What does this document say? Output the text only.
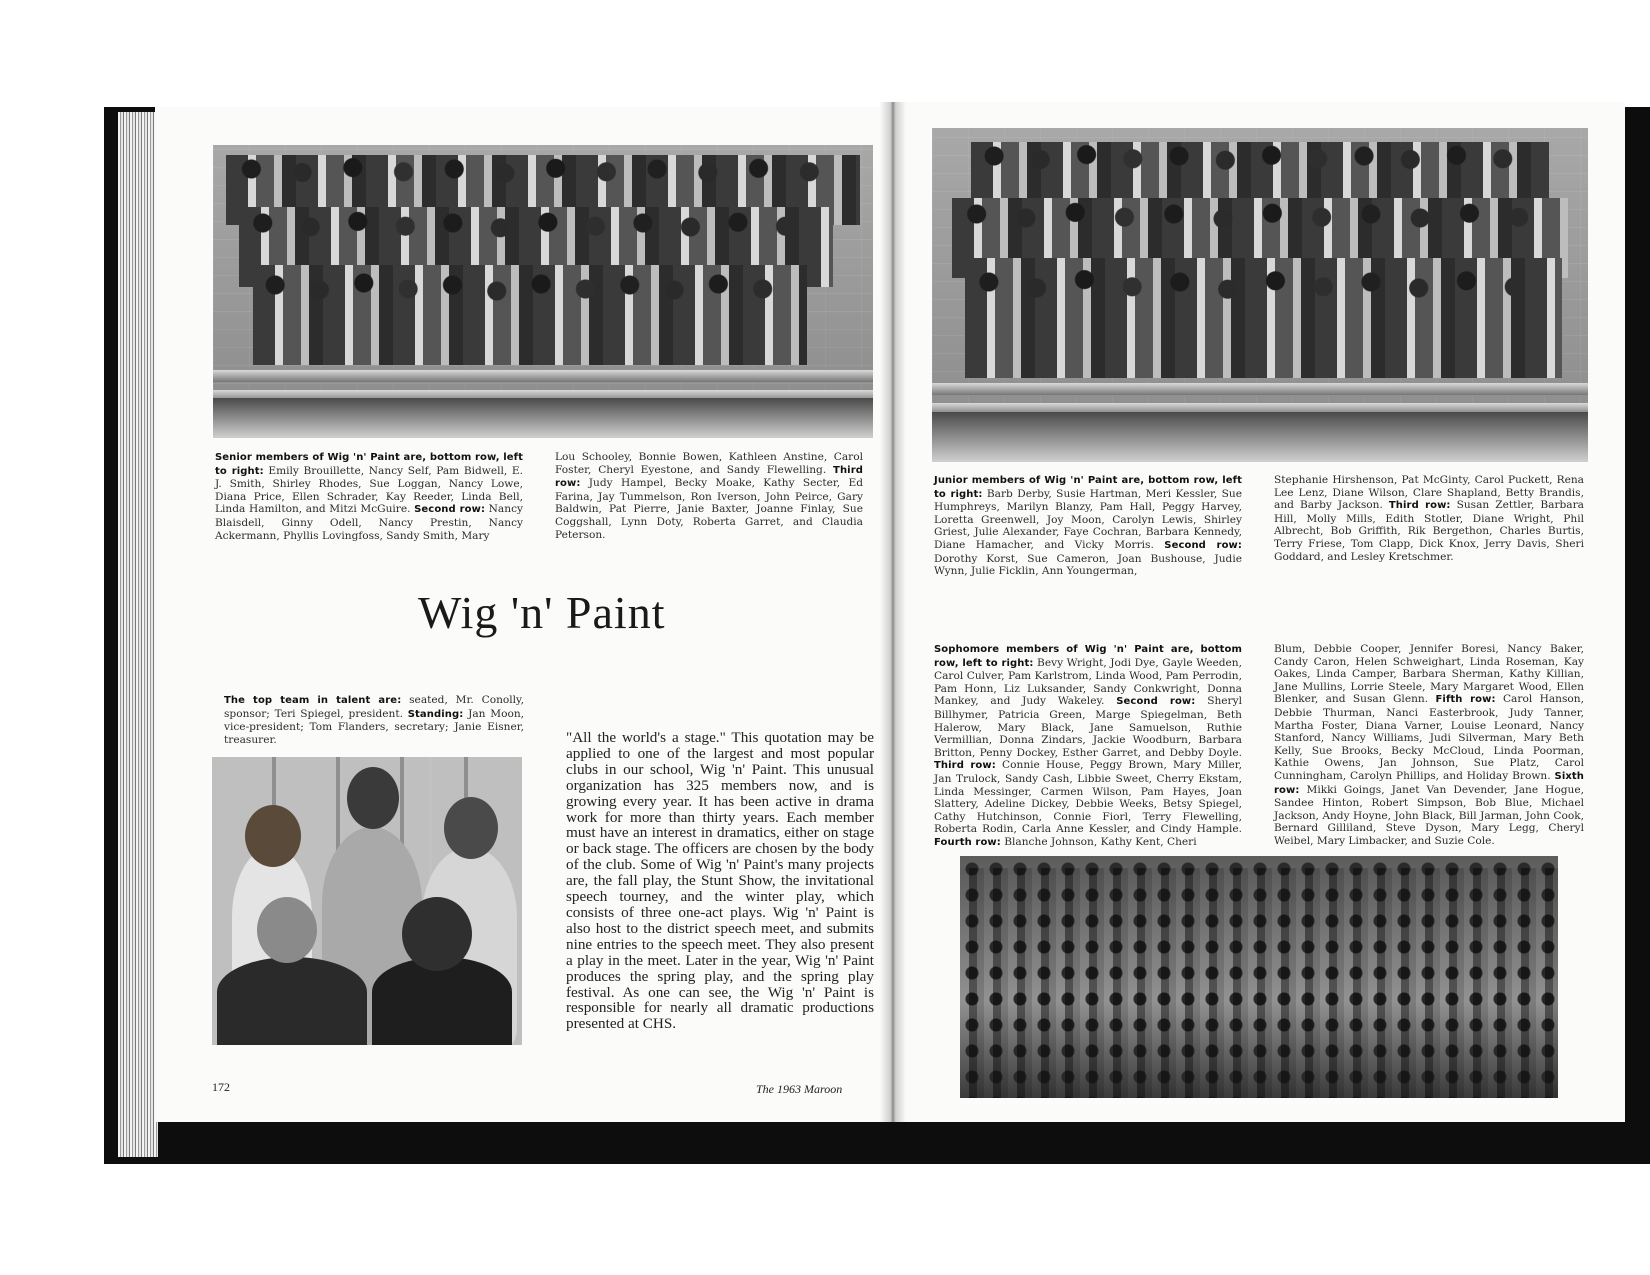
Senior members of Wig 'n' Paint are, bottom row, left to right: Emily Brouillette, Nancy Self, Pam Bidwell, E. J. Smith, Shirley Rhodes, Sue Loggan, Nancy Lowe, Diana Price, Ellen Schrader, Kay Reeder, Linda Bell, Linda Hamilton, and Mitzi McGuire. Second row: Nancy Blaisdell, Ginny Odell, Nancy Prestin, Nancy Ackermann, Phyllis Lovingfoss, Sandy Smith, Mary
Lou Schooley, Bonnie Bowen, Kathleen Anstine, Carol Foster, Cheryl Eyestone, and Sandy Flewelling. Third row: Judy Hampel, Becky Moake, Kathy Secter, Ed Farina, Jay Tummelson, Ron Iverson, John Peirce, Gary Baldwin, Pat Pierre, Janie Baxter, Joanne Finlay, Sue Coggshall, Lynn Doty, Roberta Garret, and Claudia Peterson.
Wig 'n' Paint
The top team in talent are: seated, Mr. Conolly, sponsor; Teri Spiegel, president. Standing: Jan Moon, vice-president; Tom Flanders, secretary; Janie Eisner, treasurer.	"All the world's a stage." This quotation may be applied to one of the largest and most popular clubs in our school, Wig 'n' Paint. This unusual organization has 325 members now, and is growing every year. It has been active in drama work for more than thirty years. Each member must have an interest in dramatics, either on stage or back stage. The officers are chosen by the body of the club. Some of Wig 'n' Paint's many projects are, the fall play, the Stunt Show, the invitational speech tourney, and the winter play, which consists of three one-act plays. Wig 'n' Paint is also host to the district speech meet, and submits nine entries to the speech meet. They also present a play in the meet. Later in the year, Wig 'n' Paint produces the spring play, and the spring play festival. As one can see, the Wig 'n' Paint is responsible for nearly all dramatic productions presented at CHS.
172	The 1963 Maroon
Junior members of Wig 'n' Paint are, bottom row, left to right: Barb Derby, Susie Hartman, Meri Kessler, Sue Humphreys, Marilyn Blanzy, Pam Hall, Peggy Harvey, Loretta Greenwell, Joy Moon, Carolyn Lewis, Shirley Griest, Julie Alexander, Faye Cochran, Barbara Kennedy, Diane Hamacher, and Vicky Morris. Second row: Dorothy Korst, Sue Cameron, Joan Bushouse, Judie Wynn, Julie Ficklin, Ann Youngerman,
Stephanie Hirshenson, Pat McGinty, Carol Puckett, Rena Lee Lenz, Diane Wilson, Clare Shapland, Betty Brandis, and Barby Jackson. Third row: Susan Zettler, Barbara Hill, Molly Mills, Edith Stotler, Diane Wright, Phil Albrecht, Bob Griffith, Rik Bergethon, Charles Burtis, Terry Friese, Tom Clapp, Dick Knox, Jerry Davis, Sheri Goddard, and Lesley Kretschmer.
Sophomore members of Wig 'n' Paint are, bottom row, left to right: Bevy Wright, Jodi Dye, Gayle Weeden, Carol Culver, Pam Karlstrom, Linda Wood, Pam Perrodin, Pam Honn, Liz Luksander, Sandy Conkwright, Donna Mankey, and Judy Wakeley. Second row: Sheryl Billhymer, Patricia Green, Marge Spiegelman, Beth Halerow, Mary Black, Jane Samuelson, Ruthie Vermillian, Donna Zindars, Jackie Woodburn, Barbara Britton, Penny Dockey, Esther Garret, and Debby Doyle. Third row: Connie House, Peggy Brown, Mary Miller, Jan Trulock, Sandy Cash, Libbie Sweet, Cherry Ekstam, Linda Messinger, Carmen Wilson, Pam Hayes, Joan Slattery, Adeline Dickey, Debbie Weeks, Betsy Spiegel, Cathy Hutchinson, Connie Fiorl, Terry Flewelling, Roberta Rodin, Carla Anne Kessler, and Cindy Hample. Fourth row: Blanche Johnson, Kathy Kent, Cheri
Blum, Debbie Cooper, Jennifer Boresi, Nancy Baker, Candy Caron, Helen Schweighart, Linda Roseman, Kay Oakes, Linda Camper, Barbara Sherman, Kathy Killian, Jane Mullins, Lorrie Steele, Mary Margaret Wood, Ellen Blenker, and Susan Glenn. Fifth row: Carol Hanson, Debbie Thurman, Nanci Easterbrook, Judy Tanner, Martha Foster, Diana Varner, Louise Leonard, Nancy Stanford, Nancy Williams, Judi Silverman, Mary Beth Kelly, Sue Brooks, Becky McCloud, Linda Poorman, Kathie Owens, Jan Johnson, Sue Platz, Carol Cunningham, Carolyn Phillips, and Holiday Brown. Sixth row: Mikki Goings, Janet Van Devender, Jane Hogue, Sandee Hinton, Robert Simpson, Bob Blue, Michael Jackson, Andy Hoyne, John Black, Bill Jarman, John Cook, Bernard Gilliland, Steve Dyson, Mary Legg, Cheryl Weibel, Mary Limbacker, and Suzie Cole.
